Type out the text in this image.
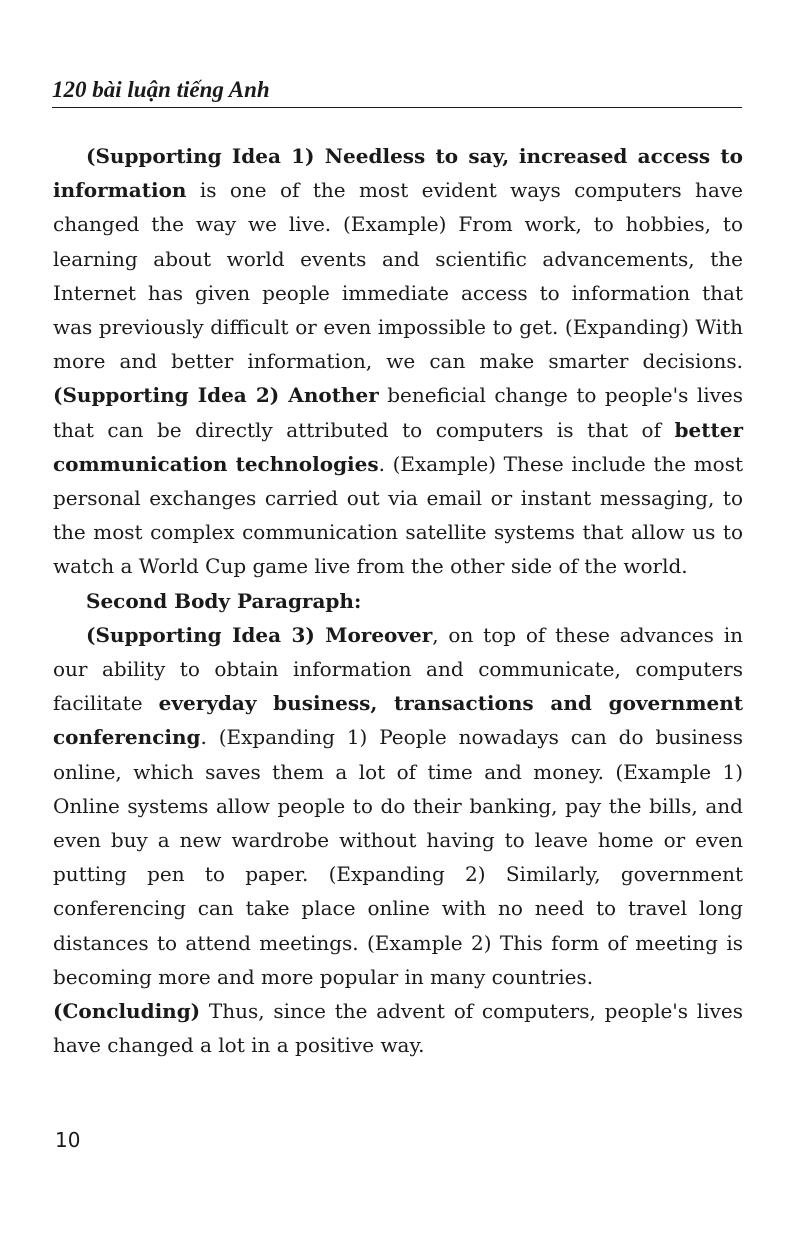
120 bài luận tiếng Anh

(Supporting Idea 1) Needless to say, increased access to information is one of the most evident ways computers have changed the way we live. (Example) From work, to hobbies, to learning about world events and scientific advancements, the Internet has given people immediate access to information that was previously difficult or even impossible to get. (Expanding) With more and better information, we can make smarter decisions. (Supporting Idea 2) Another beneficial change to people's lives that can be directly attributed to computers is that of better communication technologies. (Example) These include the most personal exchanges carried out via email or instant messaging, to the most complex communication satellite systems that allow us to watch a World Cup game live from the other side of the world.

Second Body Paragraph:

(Supporting Idea 3) Moreover, on top of these advances in our ability to obtain information and communicate, computers facilitate everyday business, transactions and government conferencing. (Expanding 1) People nowadays can do business online, which saves them a lot of time and money. (Example 1) Online systems allow people to do their banking, pay the bills, and even buy a new wardrobe without having to leave home or even putting pen to paper. (Expanding 2) Similarly, government conferencing can take place online with no need to travel long distances to attend meetings. (Example 2) This form of meeting is becoming more and more popular in many countries.

(Concluding) Thus, since the advent of computers, people's lives have changed a lot in a positive way.

10
